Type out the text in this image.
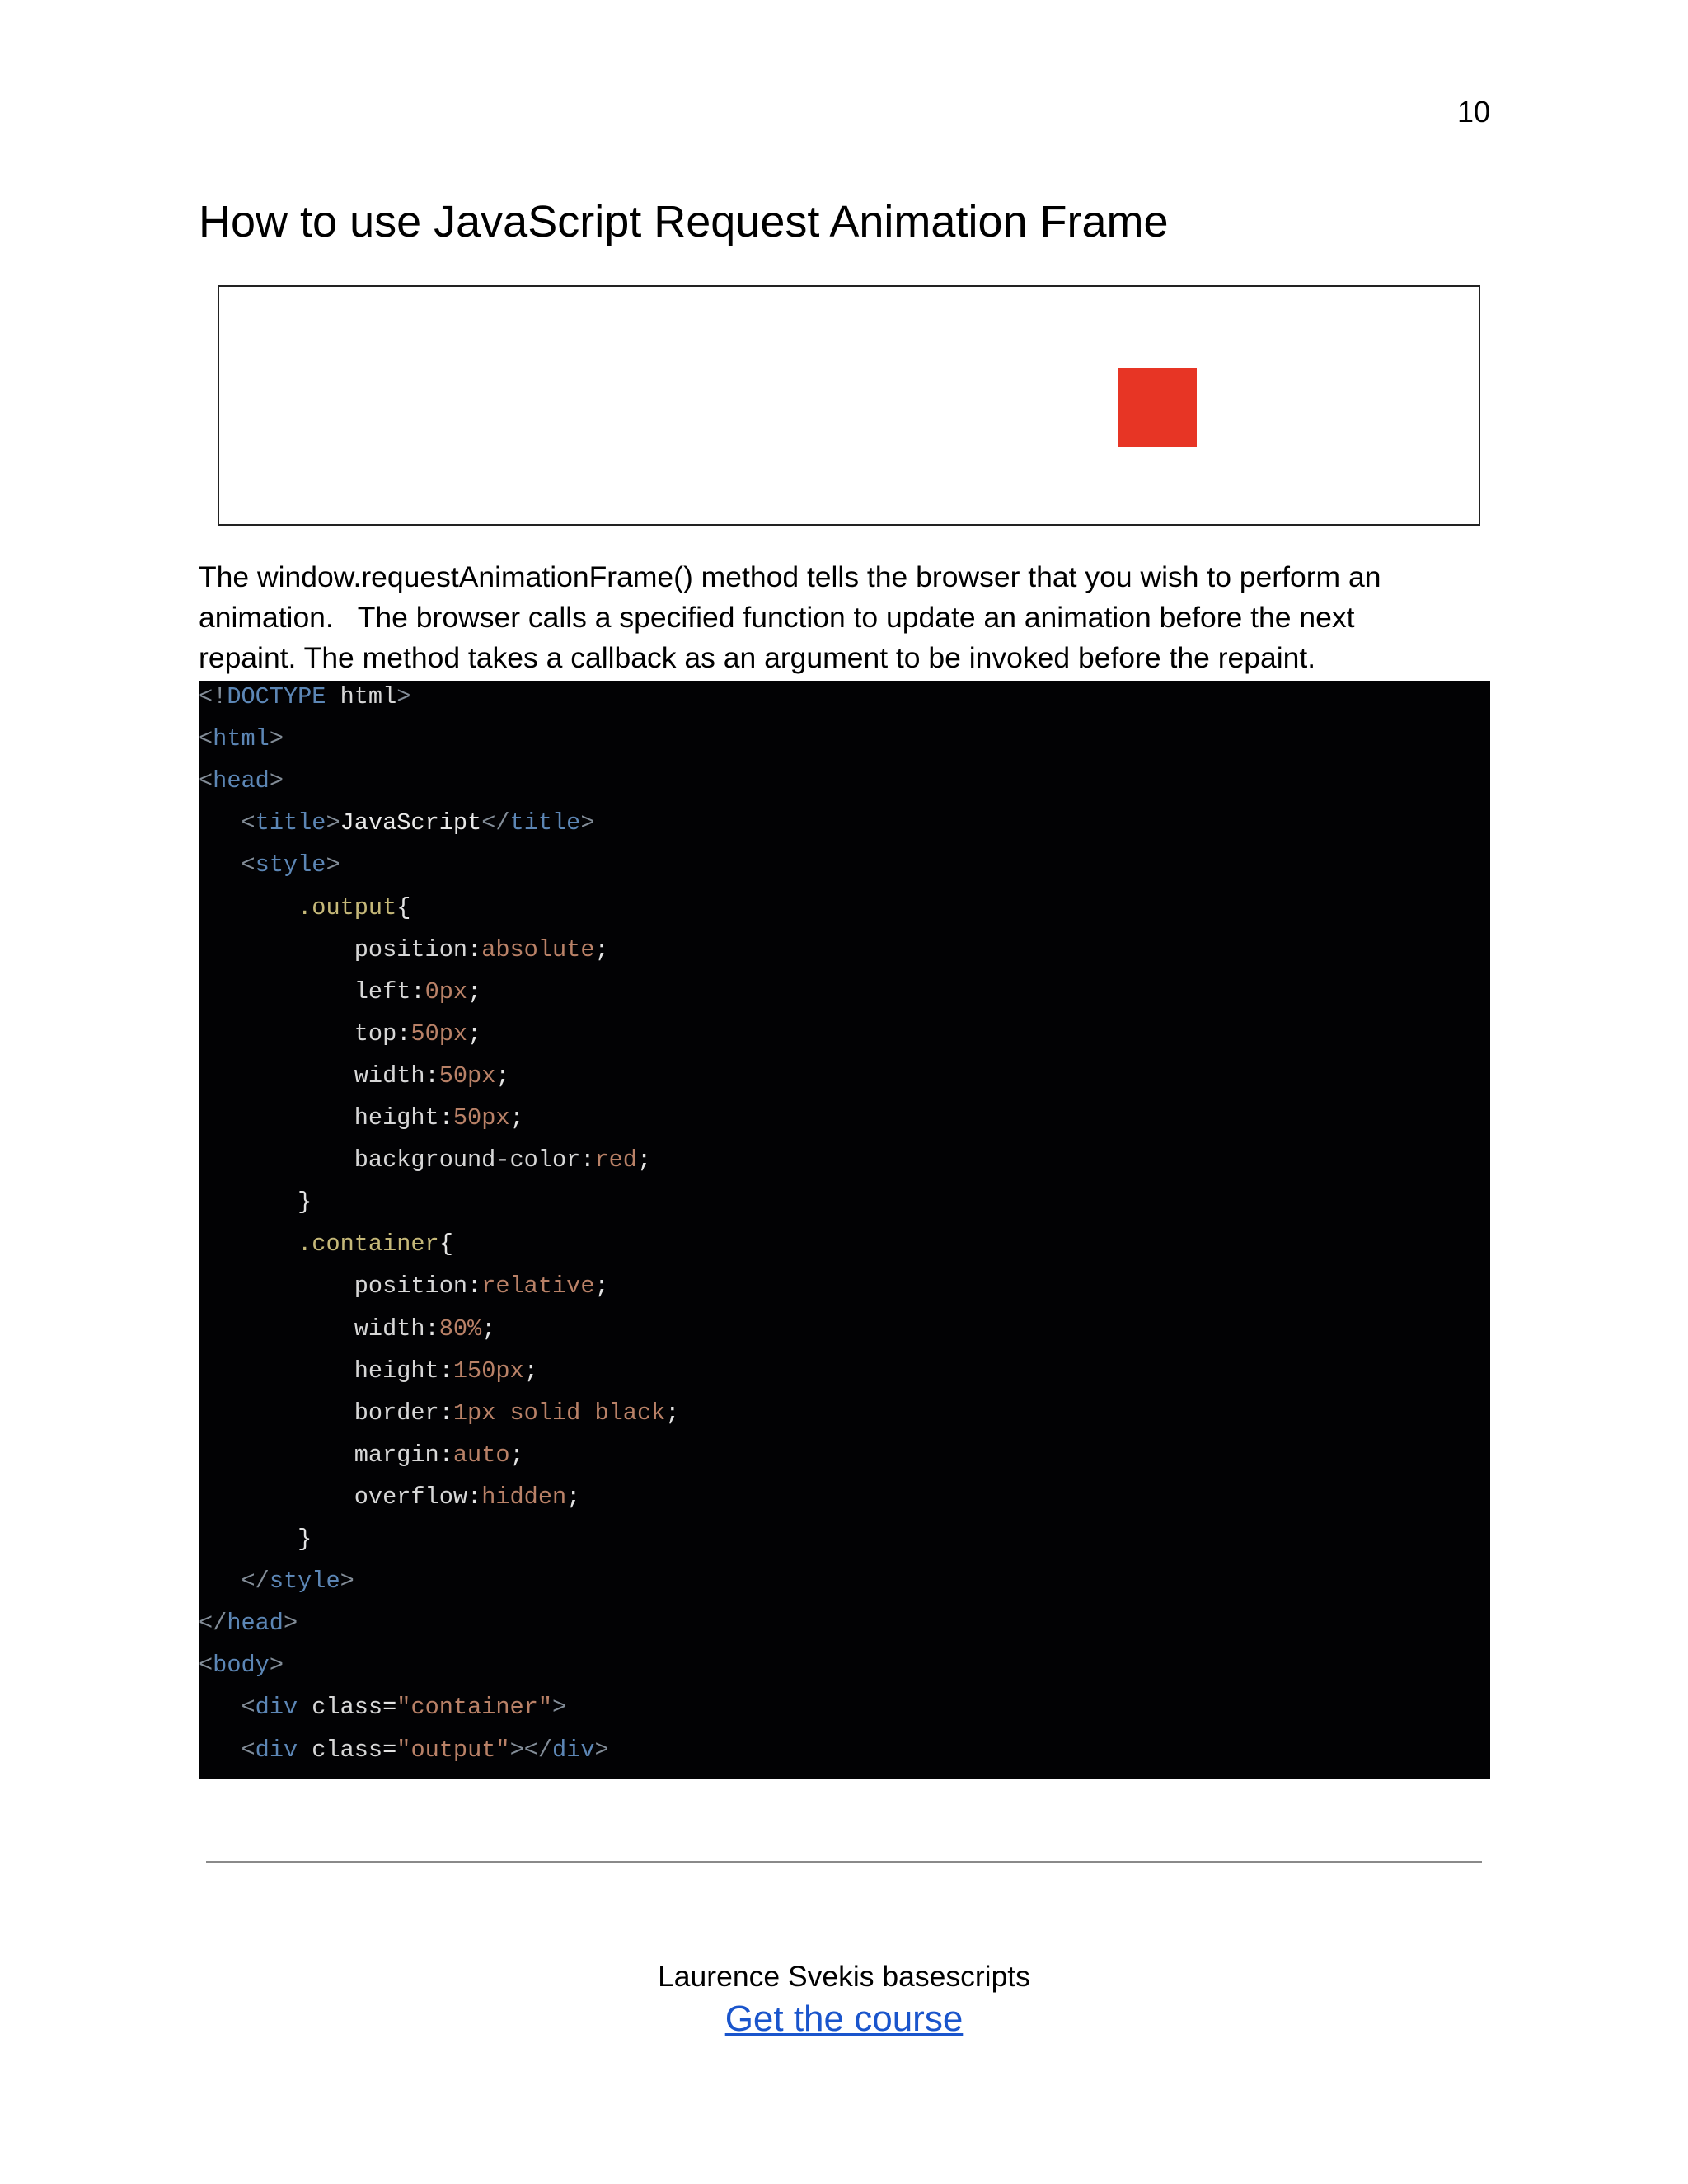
10
How to use JavaScript Request Animation Frame

The window.requestAnimationFrame() method tells the browser that you wish to perform an
animation.   The browser calls a specified function to update an animation before the next
repaint. The method takes a callback as an argument to be invoked before the repaint.

<!DOCTYPE html>
<html>
<head>
<title>JavaScript</title>
<style>
.output{
position:absolute;
left:0px;
top:50px;
width:50px;
height:50px;
background-color:red;
}
.container{
position:relative;
width:80%;
height:150px;
border:1px solid black;
margin:auto;
overflow:hidden;
}
</style>
</head>
<body>
<div class="container">
<div class="output"></div>
Laurence Svekis basescripts
Get the course
